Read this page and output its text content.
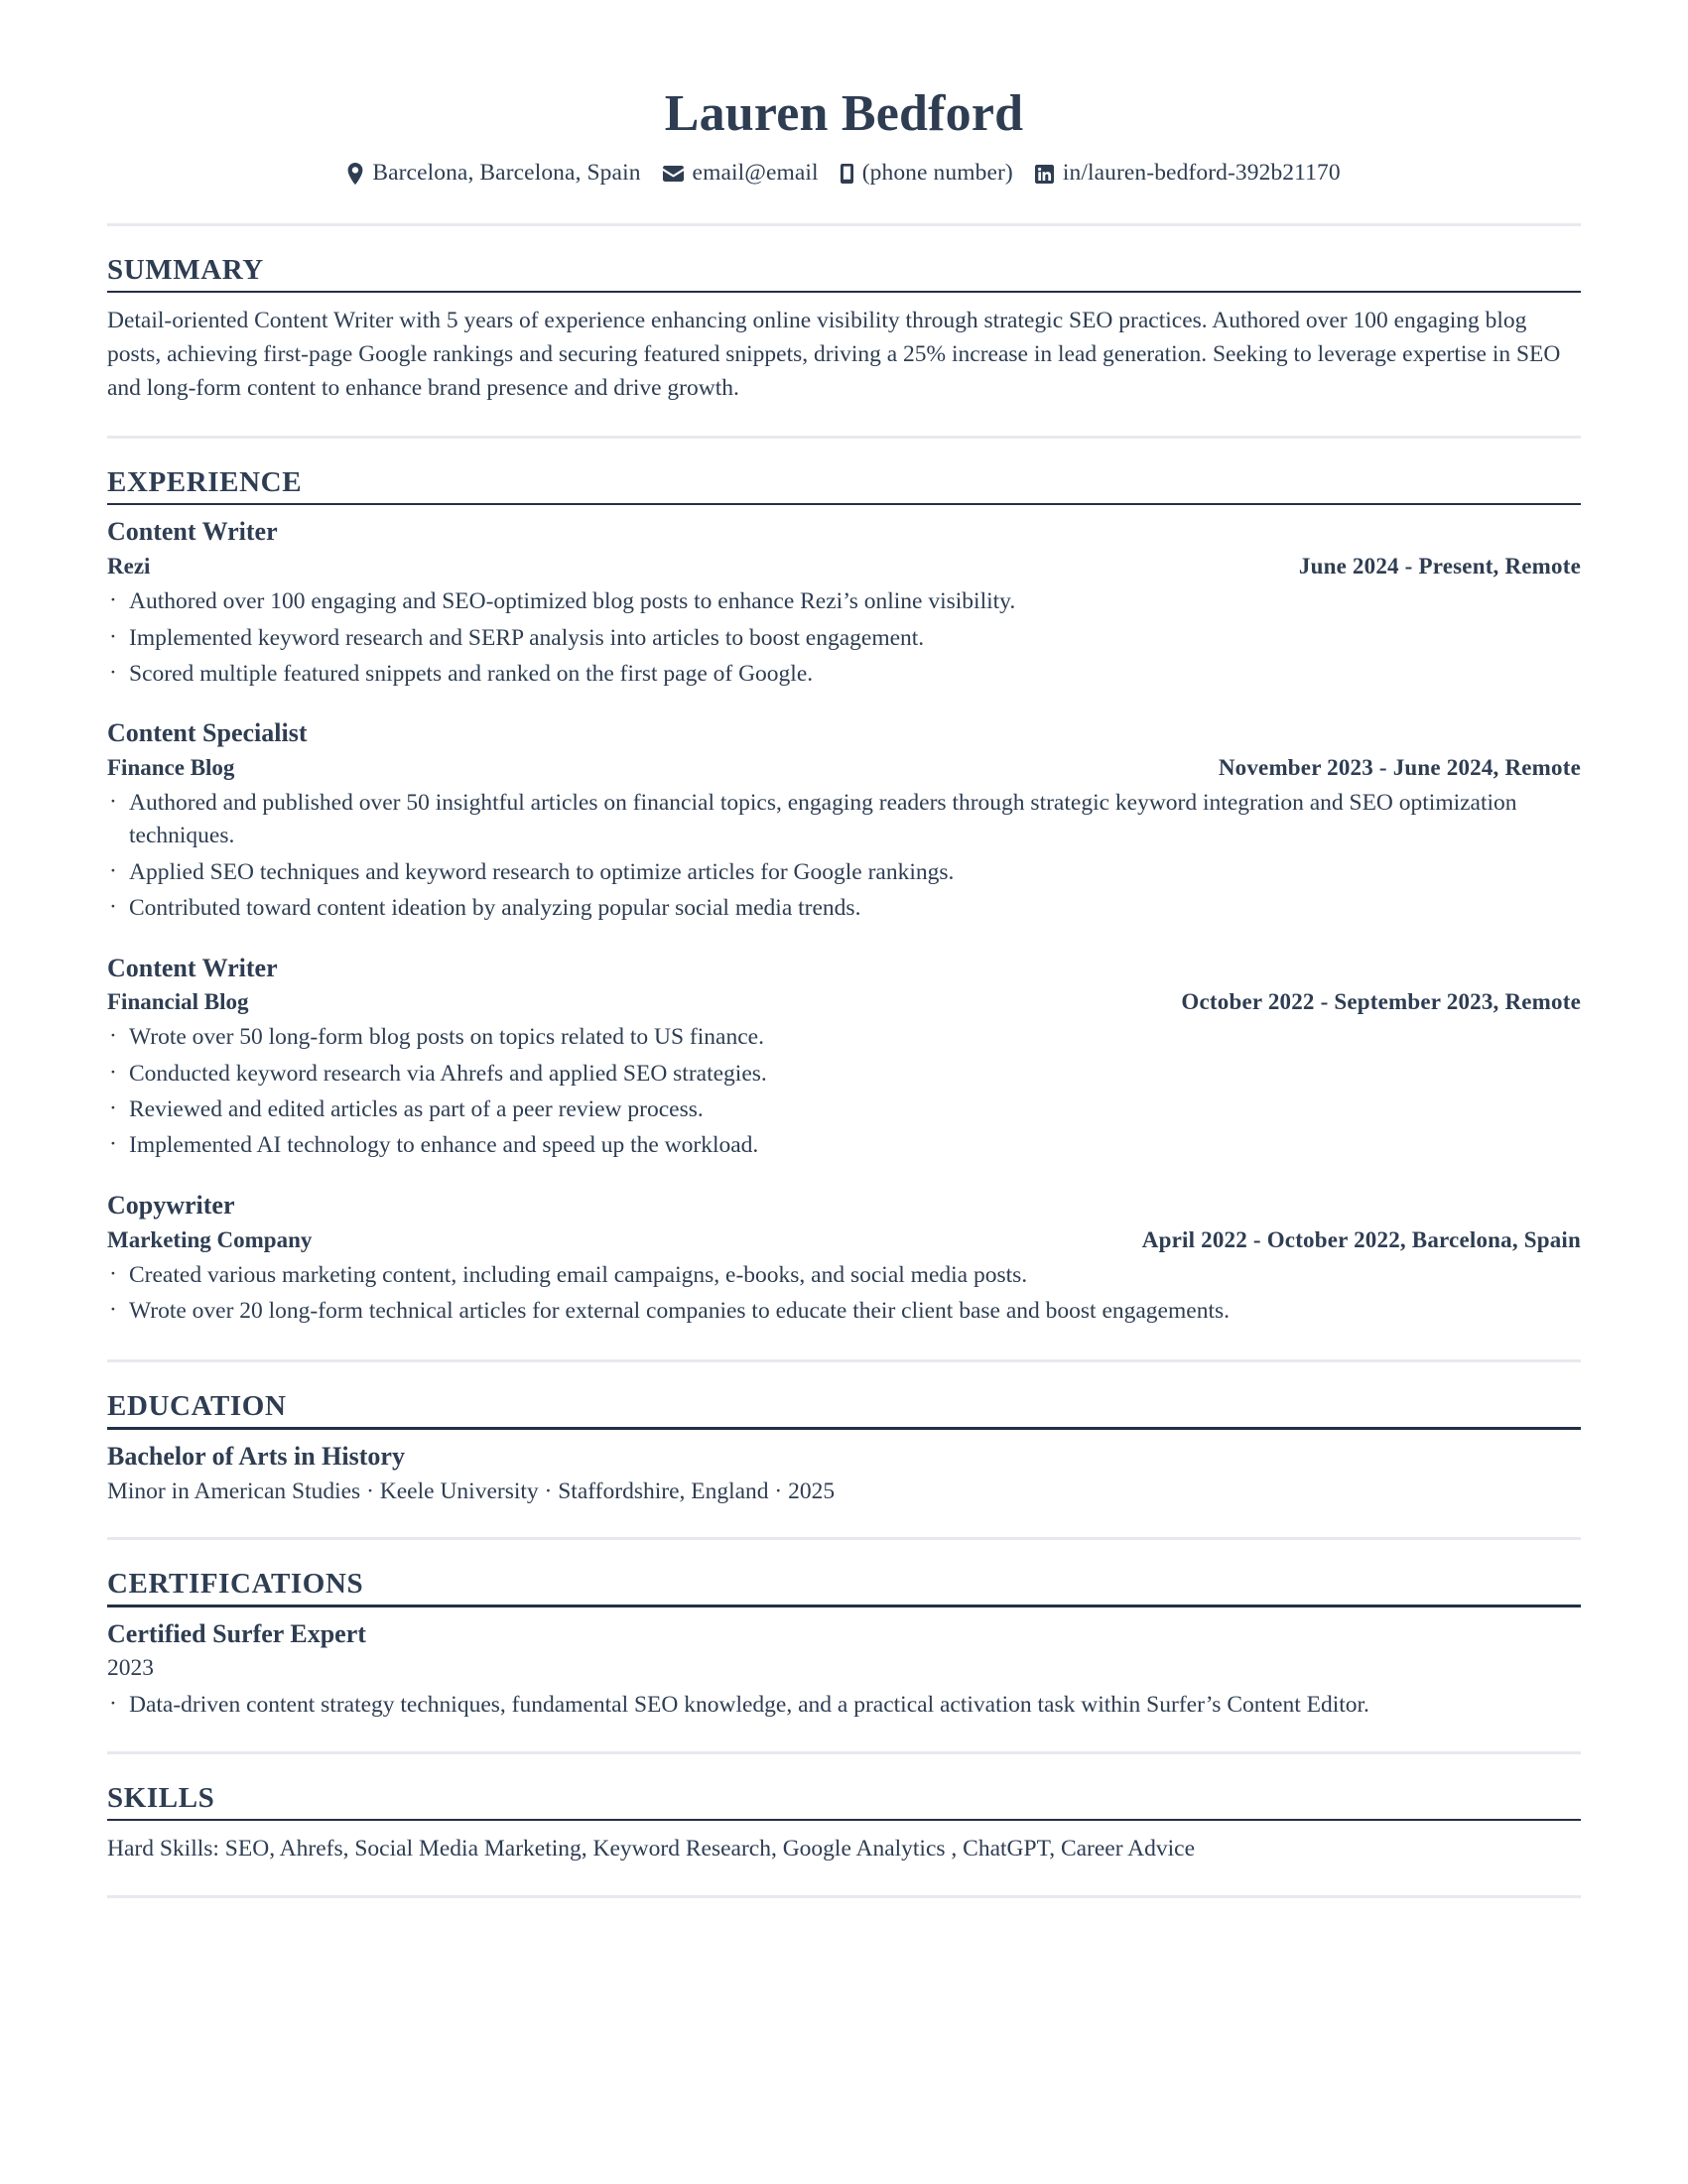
Lauren Bedford
Barcelona, Barcelona, Spain email@email (phone number) in/lauren-bedford-392b21170
SUMMARY
Detail-oriented Content Writer with 5 years of experience enhancing online visibility through strategic SEO practices. Authored over 100 engaging blog posts, achieving first-page Google rankings and securing featured snippets, driving a 25% increase in lead generation. Seeking to leverage expertise in SEO and long-form content to enhance brand presence and drive growth.
EXPERIENCE
Content Writer
Rezi	June 2024 - Present, Remote
· Authored over 100 engaging and SEO-optimized blog posts to enhance Rezi’s online visibility.
· Implemented keyword research and SERP analysis into articles to boost engagement.
· Scored multiple featured snippets and ranked on the first page of Google.
Content Specialist
Finance Blog	November 2023 - June 2024, Remote
· Authored and published over 50 insightful articles on financial topics, engaging readers through strategic keyword integration and SEO optimization techniques.
· Applied SEO techniques and keyword research to optimize articles for Google rankings.
· Contributed toward content ideation by analyzing popular social media trends.
Content Writer
Financial Blog	October 2022 - September 2023, Remote
· Wrote over 50 long-form blog posts on topics related to US finance.
· Conducted keyword research via Ahrefs and applied SEO strategies.
· Reviewed and edited articles as part of a peer review process.
· Implemented AI technology to enhance and speed up the workload.
Copywriter
Marketing Company	April 2022 - October 2022, Barcelona, Spain
· Created various marketing content, including email campaigns, e-books, and social media posts.
· Wrote over 20 long-form technical articles for external companies to educate their client base and boost engagements.
EDUCATION
Bachelor of Arts in History
Minor in American Studies · Keele University · Staffordshire, England · 2025
CERTIFICATIONS
Certified Surfer Expert
2023
· Data-driven content strategy techniques, fundamental SEO knowledge, and a practical activation task within Surfer’s Content Editor.
SKILLS
Hard Skills: SEO, Ahrefs, Social Media Marketing, Keyword Research, Google Analytics , ChatGPT, Career Advice
